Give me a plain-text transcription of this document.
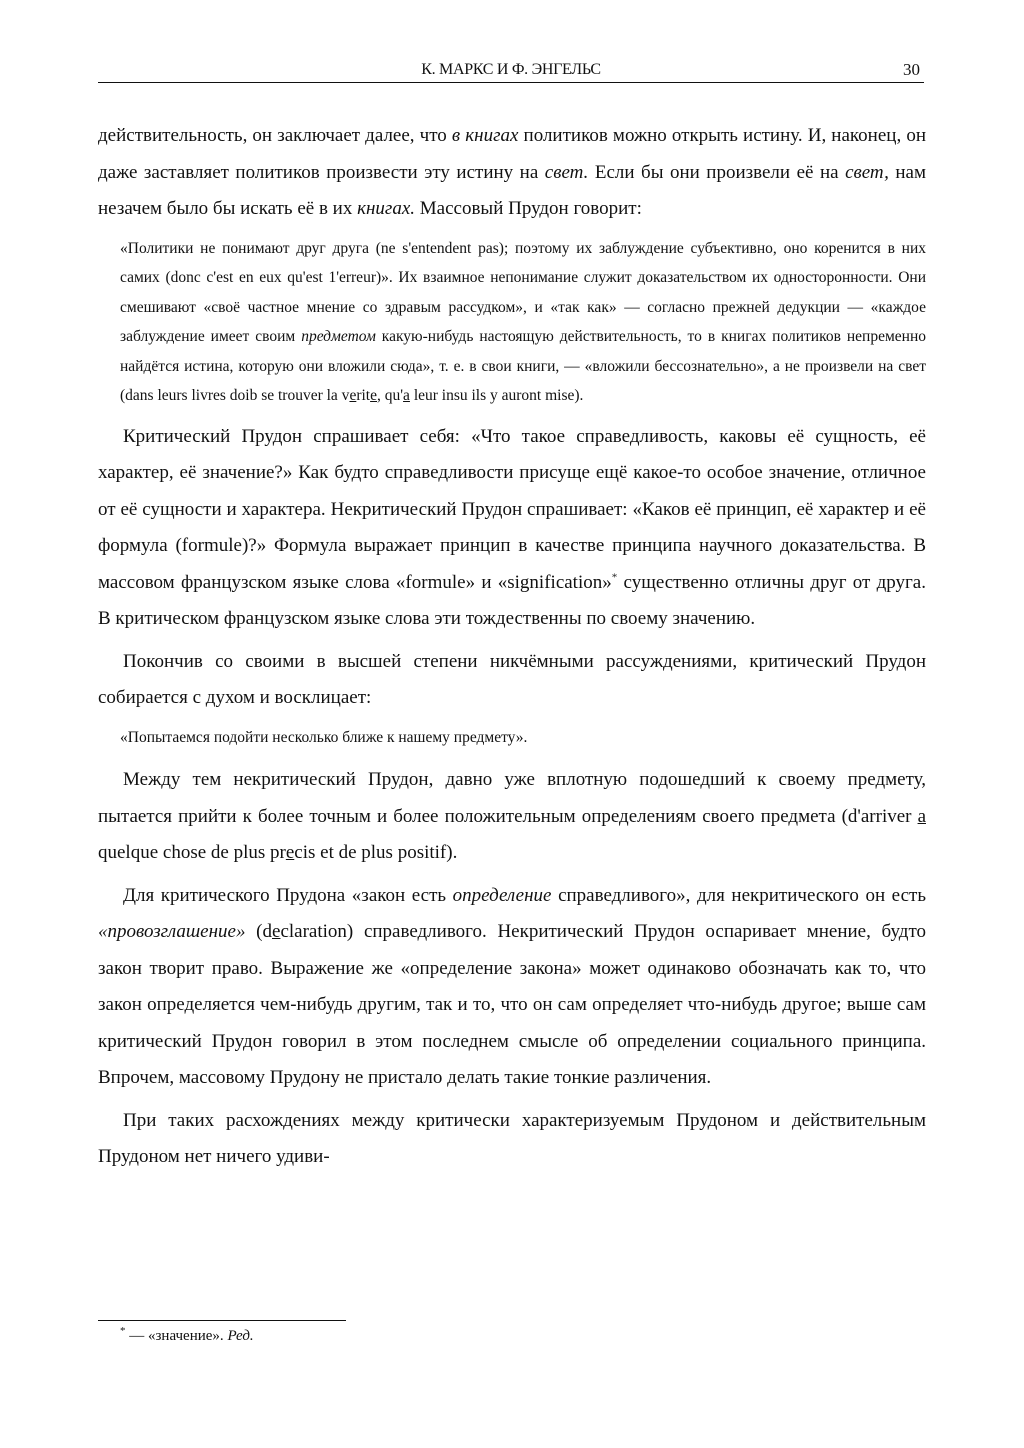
К. МАРКС И Ф. ЭНГЕЛЬС	30

действительность, он заключает далее, что в книгах политиков можно открыть истину. И, наконец, он даже заставляет политиков произвести эту истину на свет. Если бы они произвели её на свет, нам незачем было бы искать её в их книгах. Массовый Прудон говорит:

«Политики не понимают друг друга (ne s'entendent pas); поэтому их заблуждение субъективно, оно коренится в них самих (donc c'est en eux qu'est 1'erreur)». Их взаимное непонимание служит доказательством их односторонности. Они смешивают «своё частное мнение со здравым рассудком», и «так как» — согласно прежней дедукции — «каждое заблуждение имеет своим предметом какую-нибудь настоящую действительность, то в книгах политиков непременно найдётся истина, которую они вложили сюда», т. е. в свои книги, — «вложили бессознательно», а не произвели на свет (dans leurs livres doib se trouver la verite, qu'a leur insu ils y auront mise).

Критический Прудон спрашивает себя: «Что такое справедливость, каковы её сущность, её характер, её значение?» Как будто справедливости присуще ещё какое-то особое значение, отличное от её сущности и характера. Некритический Прудон спрашивает: «Каков её принцип, её характер и её формула (formule)?» Формула выражает принцип в качестве принципа научного доказательства. В массовом французском языке слова «formule» и «signification»* существенно отличны друг от друга. В критическом французском языке слова эти тождественны по своему значению.

Покончив со своими в высшей степени никчёмными рассуждениями, критический Прудон собирается с духом и восклицает:

«Попытаемся подойти несколько ближе к нашему предмету».

Между тем некритический Прудон, давно уже вплотную подошедший к своему предмету, пытается прийти к более точным и более положительным определениям своего предмета (d'arriver a quelque chose de plus precis et de plus positif).

Для критического Прудона «закон есть определение справедливого», для некритического он есть «провозглашение» (declaration) справедливого. Некритический Прудон оспаривает мнение, будто закон творит право. Выражение же «определение закона» может одинаково обозначать как то, что закон определяется чем-нибудь другим, так и то, что он сам определяет что-нибудь другое; выше сам критический Прудон говорил в этом последнем смысле об определении социального принципа. Впрочем, массовому Прудону не пристало делать такие тонкие различения.

При таких расхождениях между критически характеризуемым Прудоном и действительным Прудоном нет ничего удиви-

* — «значение». Ред.
